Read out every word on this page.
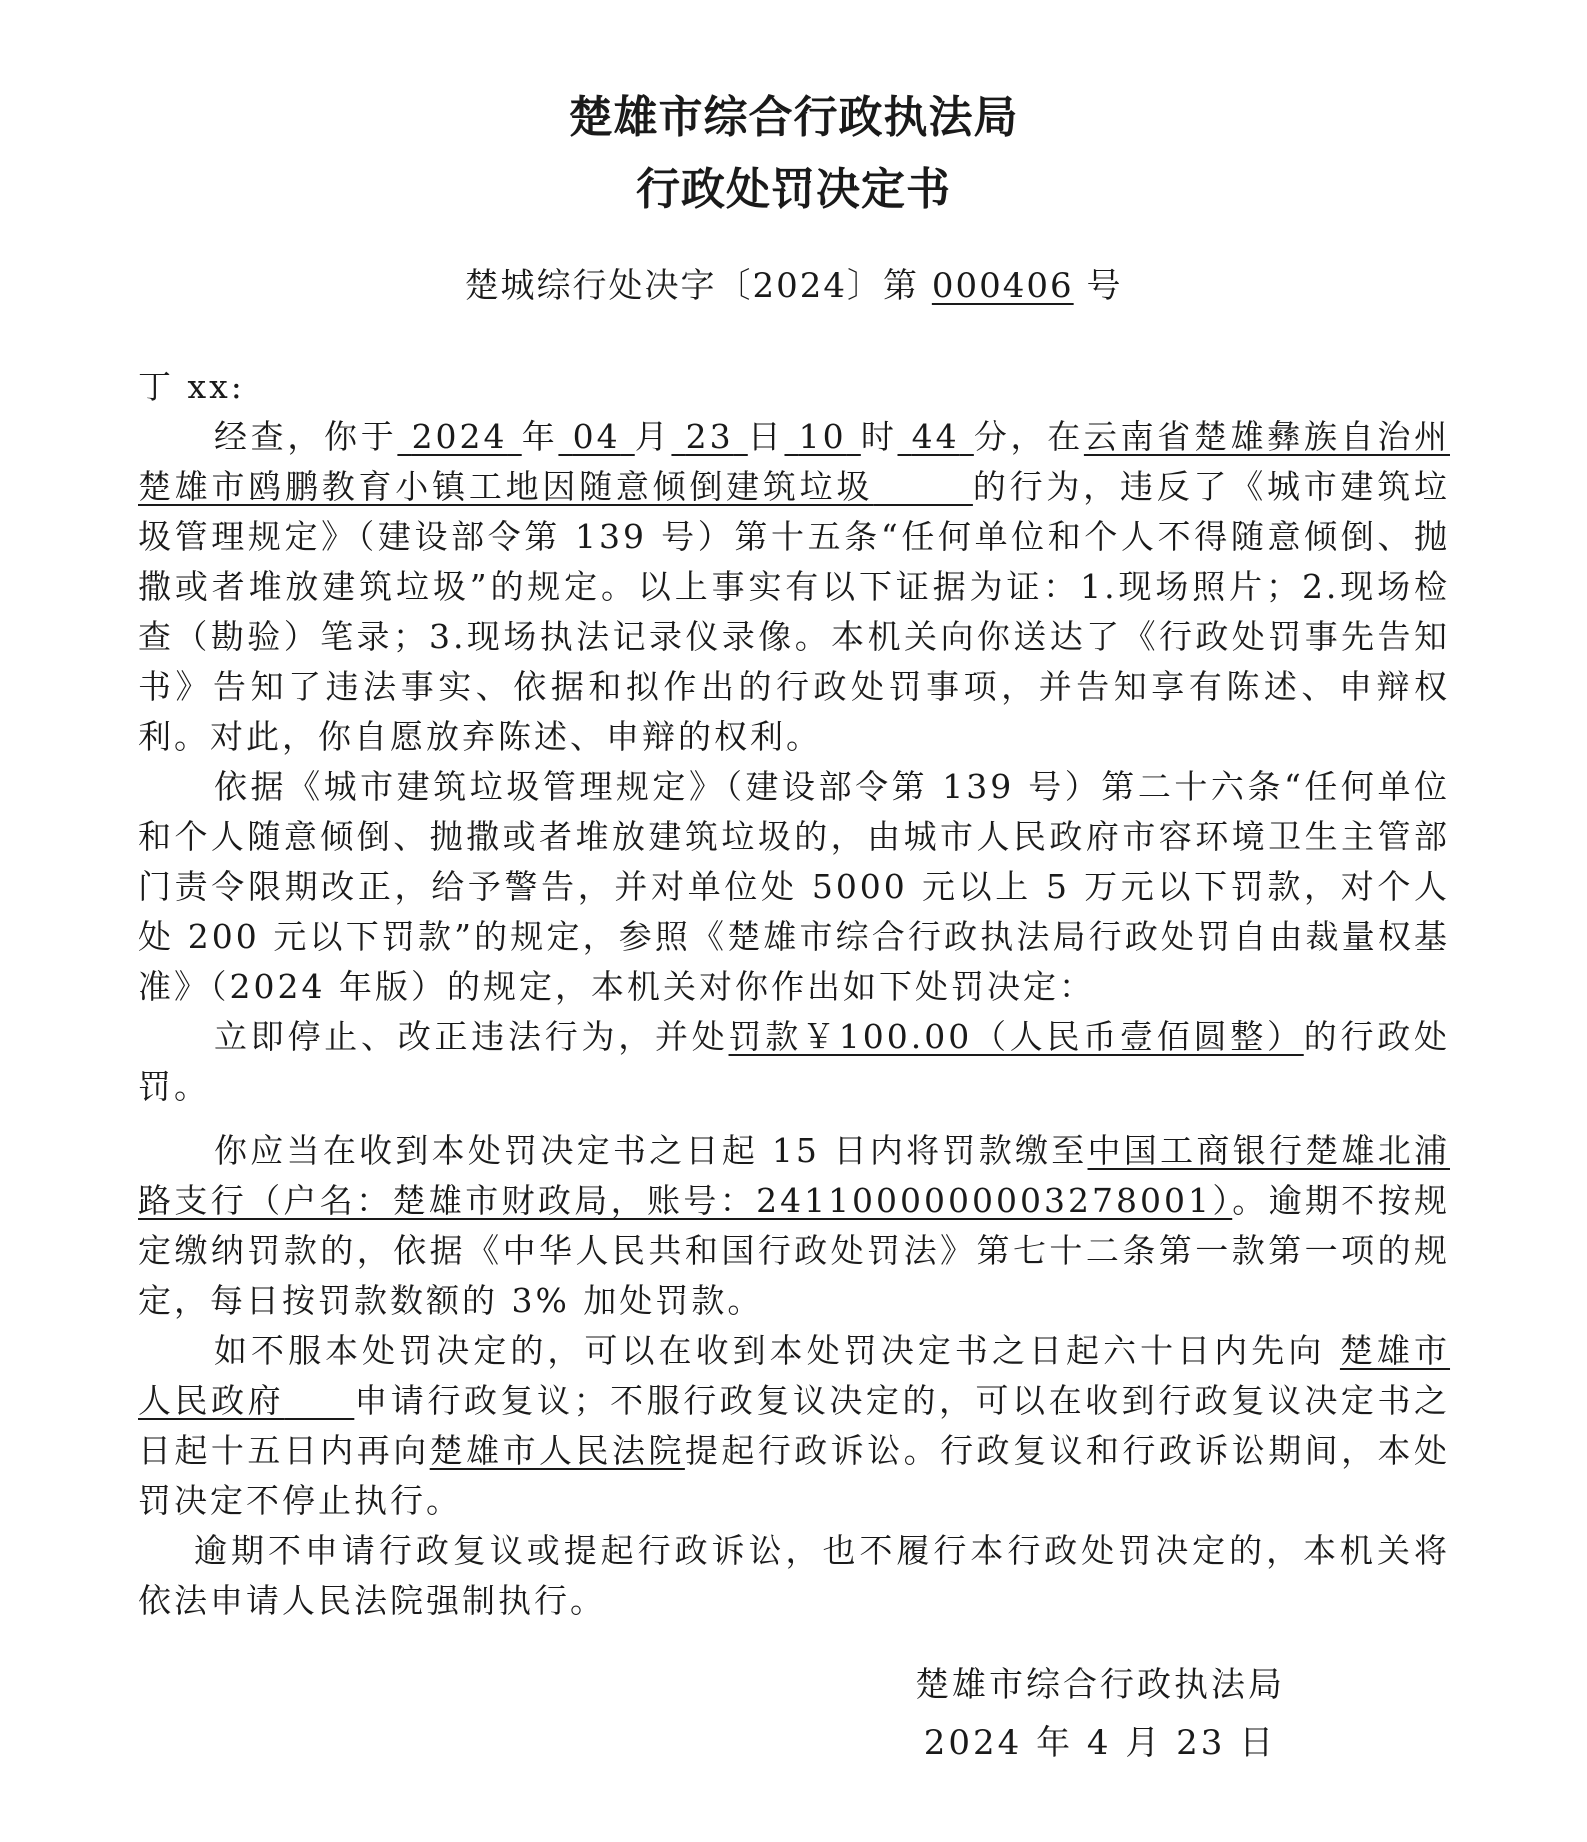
楚雄市综合行政执法局
行政处罚决定书
楚城综行处决字〔2024〕第 000406 号

丁 xx:

经查，你于 2024 年 04 月 23 日 10 时 44 分，在云南省楚雄彝族自治州楚雄市鸥鹏教育小镇工地因随意倾倒建筑垃圾	的行为，违反了《城市建筑垃圾管理规定》（建设部令第 139 号）第十五条“任何单位和个人不得随意倾倒、抛撒或者堆放建筑垃圾”的规定。以上事实有以下证据为证：1.现场照片；2.现场检查（勘验）笔录；3.现场执法记录仪录像。本机关向你送达了《行政处罚事先告知书》告知了违法事实、依据和拟作出的行政处罚事项，并告知享有陈述、申辩权利。对此，你自愿放弃陈述、申辩的权利。

依据《城市建筑垃圾管理规定》（建设部令第 139 号）第二十六条“任何单位和个人随意倾倒、抛撒或者堆放建筑垃圾的，由城市人民政府市容环境卫生主管部门责令限期改正，给予警告，并对单位处 5000 元以上 5 万元以下罚款，对个人处 200 元以下罚款”的规定，参照《楚雄市综合行政执法局行政处罚自由裁量权基准》（2024 年版）的规定，本机关对你作出如下处罚决定：

立即停止、改正违法行为，并处罚款￥100.00（人民币壹佰圆整）的行政处罚。

你应当在收到本处罚决定书之日起 15 日内将罚款缴至中国工商银行楚雄北浦路支行（户名：楚雄市财政局，账号：2411000000003278001）。逾期不按规定缴纳罚款的，依据《中华人民共和国行政处罚法》第七十二条第一款第一项的规定，每日按罚款数额的 3% 加处罚款。

如不服本处罚决定的，可以在收到本处罚决定书之日起六十日内先向 楚雄市人民政府 申请行政复议；不服行政复议决定的，可以在收到行政复议决定书之日起十五日内再向楚雄市人民法院提起行政诉讼。行政复议和行政诉讼期间，本处罚决定不停止执行。

逾期不申请行政复议或提起行政诉讼，也不履行本行政处罚决定的，本机关将依法申请人民法院强制执行。

楚雄市综合行政执法局
2024 年 4 月 23 日
